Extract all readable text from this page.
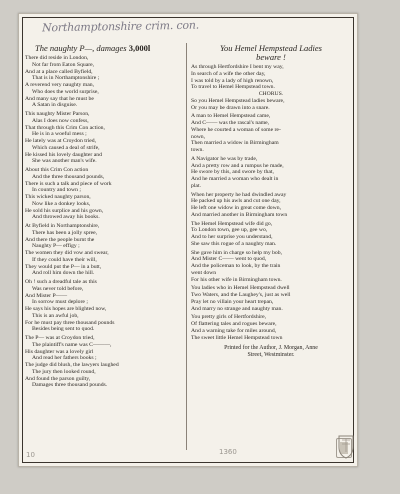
Northamptonshire crim. con.
The naughty P—, damages 3,000l
There did reside in London,
Not far from Eaton Square,
And at a place called Byfield,
That is in Northamptonshire ;
A reverend very naughty man,
Who does the world surprise,
And many say that he must be
A Satan in disguise.
This naughty Mister Parson,
Alas I does now confess,
That through this Crim Con action,
He is in a woeful mess ;
He lately was at Croydon tried,
Which caused a deal of strife,
He kissed his lovely daughter and
She was another man's wife.
About this Crim Con action
And the three thousand pounds,
There is such a talk and piece of work
In country and town ;
This wicked naughty parson,
Now like a donkey looks,
He sold his surplice and his gown,
And throwed away his books.
At Byfield in Northamptonshire,
There has been a jolly spree,
And there the people burnt the
Naughty P— effigy ;
The women they did vow and swear,
If they could have their will,
They would put the P— in a butt,
And roll him down the hill.
Oh ! such a dreadful tale as this
Was never told before,
And Mister P——
In sorrow must deplore ;
He says his hopes are blighted now,
This is an awful job,
For he must pay three thousand pounds
Besides being sent to quod.
The P— was at Croydon tried,
The plaintiff's name was C———,
His daughter was a lovely girl
And read her fathers books ;
The judge did blush, the lawyers laughed
The jury then looked round,
And found the parson guilty,
Damages three thousand pounds.
You Hemel Hempstead Ladies
beware !
As through Hertfordshire I bent my way,
In search of a wife the other day,
I was told by a lady of high renown,
To travel to Hemel Hempstead town.
CHORUS.
So you Hemel Hempstead ladies beware,
Or you may be drawn into a snare.
A man to Hemel Hempstead came,
And C—— was the rascal's name,
Where he courted a woman of some re-
nown,
Then married a widow in Birmingham
town.
A Navigator he was by trade,
And a pretty row and a rumpus he made,
He swore by this, and swore by that,
And he married a woman who dealt in
plat.
When her property he had dwindled away
He packed up his awls and cut one day,
He left one widow in great come down,
And married another in Birmingham town
The Hemel Hempstead wife did go,
To London town, gee up, gee wo,
And to her surprise you understand,
She saw this rogue of a naughty man.
She gave him in charge so help my bob,
And Mister C—— went to quod,
And the policeman to look, by the train
went down
For his other wife in Birmingham town.
You ladies who in Hemel Hempstead dwell
Two Waters, and the Laughey's, just as well
Pray let no villain your heart trepan,
And marry no strange and naughty man.
You pretty girls of Hertfordshire,
Of flattering tales and rogues beware,
And a warning take for miles around,
The sweet little Hemel Hempstead town
Printed for the Author, J. Morgan, Anne
Street, Westminster.
10	1360
